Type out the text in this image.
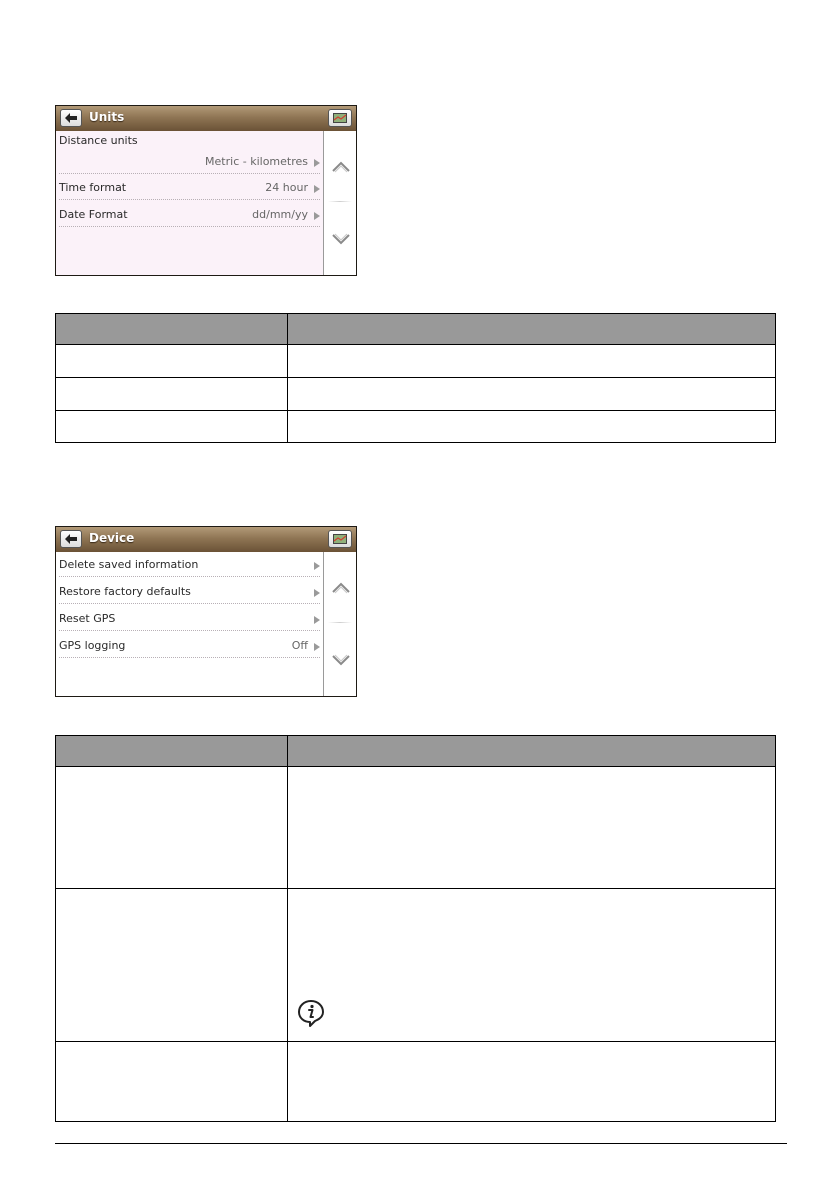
Units
Distance units
Metric - kilometres
Time format	24 hour
Date Format	dd/mm/yy
Device
Delete saved information
Restore factory defaults
Reset GPS
GPS logging	Off
